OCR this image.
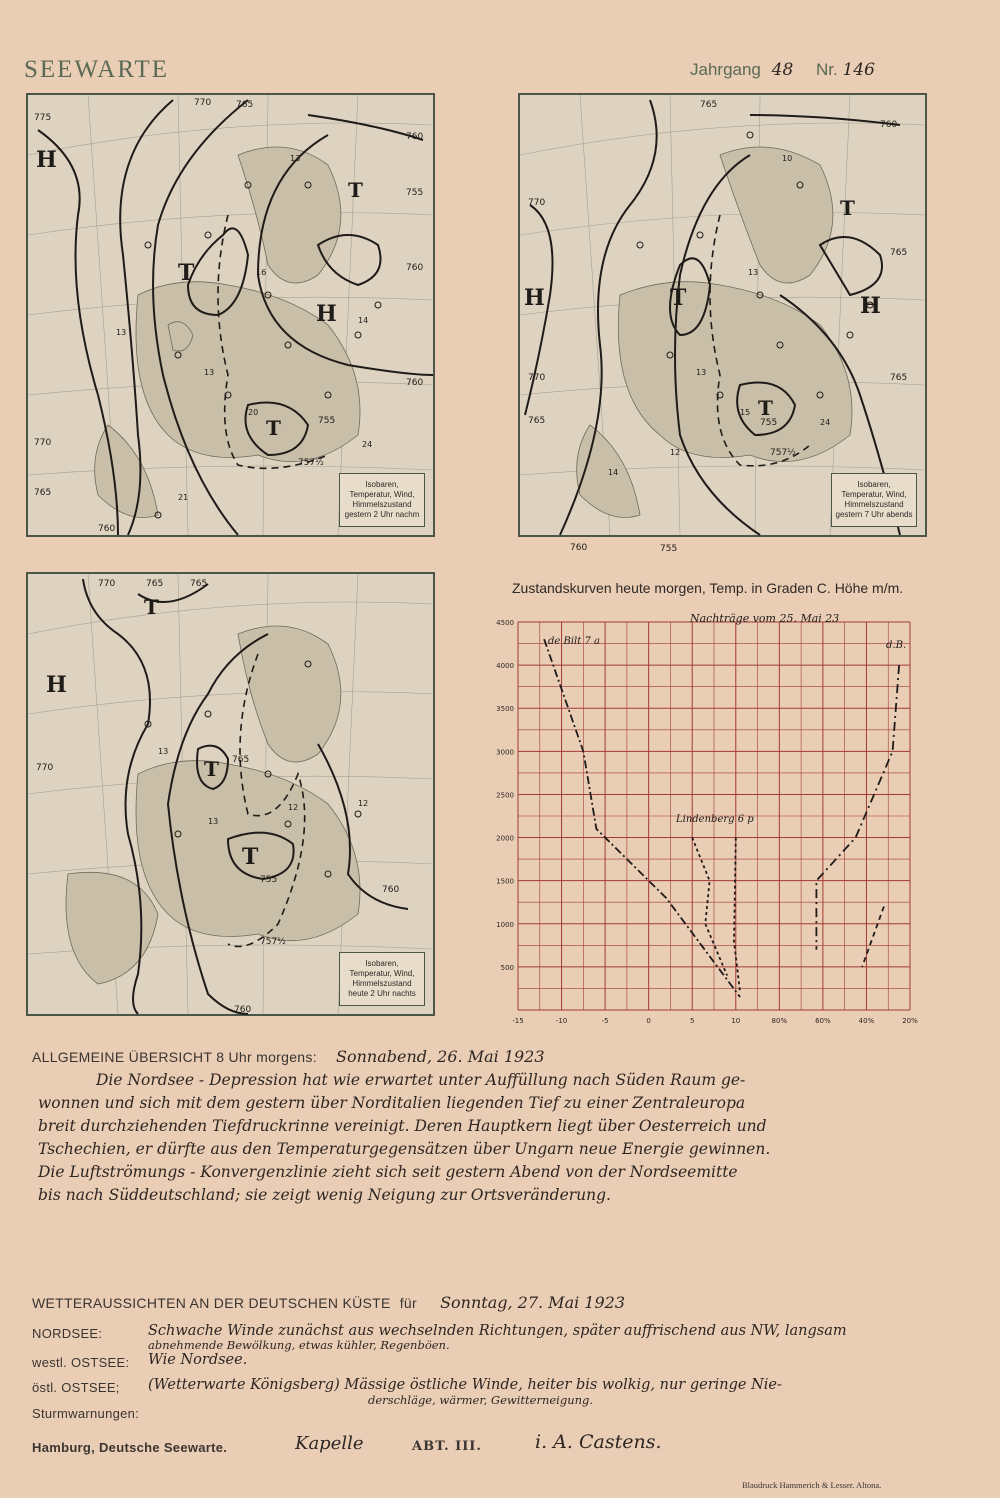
SEEWARTE	Jahrgang 48 Nr. 146
775
770	765
760
755
760
760
770
765
757½
755
760
H
T
T
H
T
13
16
13
20
14
24
21
13
Isobaren,
Temperatur, Wind,
Himmelszustand
gestern 2 Uhr nachm
765
760
770
770
765
765
765
755
757½
755
760
H	T
T
H
T
10
13
13
15
24
14
12
Isobaren,
Temperatur, Wind,
Himmelszustand
gestern 7 Uhr abends
770	765	765
770
765
755
760
757½
760
T
H
T
T
13
12	12
13
Isobaren,
Temperatur, Wind,
Himmelszustand
heute 2 Uhr nachts
Zustandskurven heute morgen, Temp. in Graden C. Höhe m/m.
4500
4000
3500
3000
2500
2000
1500
1000
500
-15	-10	-5	0	5	10	80%	60%	40%	20%
Nachträge vom 25. Mai 23
de Bilt 7 a
Lindenberg 6 p
d.B.
ALLGEMEINE ÜBERSICHT 8 Uhr morgens: Sonnabend, 26. Mai 1923
Die Nordsee - Depression hat wie erwartet unter Auffüllung nach Süden Raum ge-
wonnen und sich mit dem gestern über Norditalien liegenden Tief zu einer Zentraleuropa
breit durchziehenden Tiefdruckrinne vereinigt. Deren Hauptkern liegt über Oesterreich und
Tschechien, er dürfte aus den Temperaturgegensätzen über Ungarn neue Energie gewinnen.
Die Luftströmungs - Konvergenzlinie zieht sich seit gestern Abend von der Nordseemitte
bis nach Süddeutschland; sie zeigt wenig Neigung zur Ortsveränderung.
WETTERAUSSICHTEN AN DER DEUTSCHEN KÜSTE für Sonntag, 27. Mai 1923
NORDSEE:	Schwache Winde zunächst aus wechselnden Richtungen, später auffrischend aus NW, langsam
abnehmende Bewölkung, etwas kühler, Regenböen.
westl. OSTSEE: Wie Nordsee.
östl. OSTSEE; (Wetterwarte Königsberg) Mässige östliche Winde, heiter bis wolkig, nur geringe Nie-
derschläge, wärmer, Gewitterneigung.
Sturmwarnungen:
Hamburg, Deutsche Seewarte.	Kapelle	ABT. III.	i. A. Castens.
Blaudruck Hammerich & Lesser. Altona.
